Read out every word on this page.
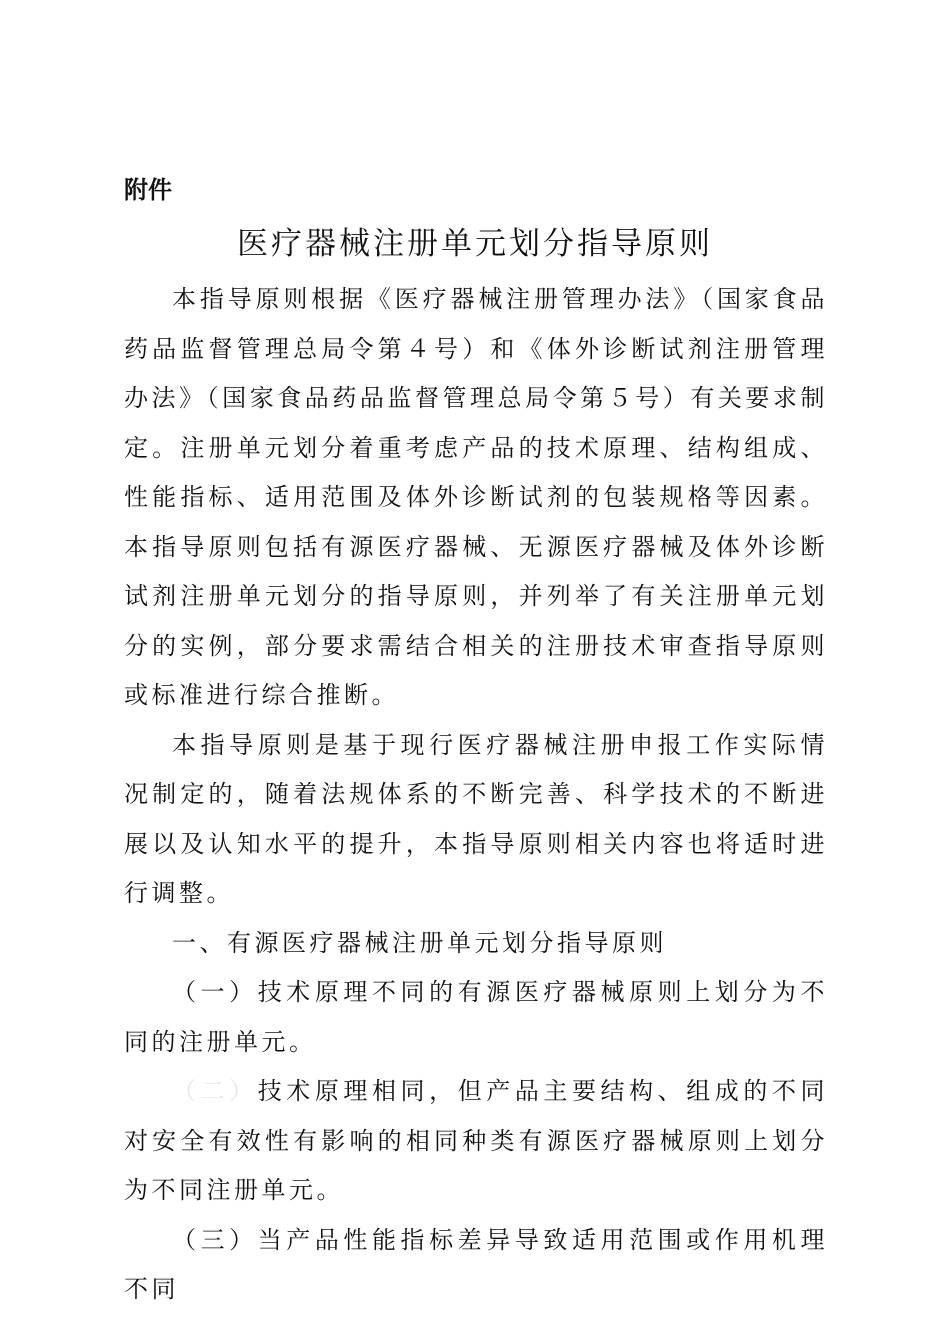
附件
医疗器械注册单元划分指导原则

本指导原则根据《医疗器械注册管理办法》（国家食品药品监督管理总局令第４号）和《体外诊断试剂注册管理办法》（国家食品药品监督管理总局令第５号）有关要求制定。注册单元划分着重考虑产品的技术原理、结构组成、性能指标、适用范围及体外诊断试剂的包装规格等因素。本指导原则包括有源医疗器械、无源医疗器械及体外诊断试剂注册单元划分的指导原则，并列举了有关注册单元划分的实例，部分要求需结合相关的注册技术审查指导原则或标准进行综合推断。

本指导原则是基于现行医疗器械注册申报工作实际情况制定的，随着法规体系的不断完善、科学技术的不断进展以及认知水平的提升，本指导原则相关内容也将适时进行调整。

一、有源医疗器械注册单元划分指导原则

（一）技术原理不同的有源医疗器械原则上划分为不同的注册单元。

（二）技术原理相同，但产品主要结构、组成的不同对安全有效性有影响的相同种类有源医疗器械原则上划分为不同注册单元。

（三）当产品性能指标差异导致适用范围或作用机理不同
